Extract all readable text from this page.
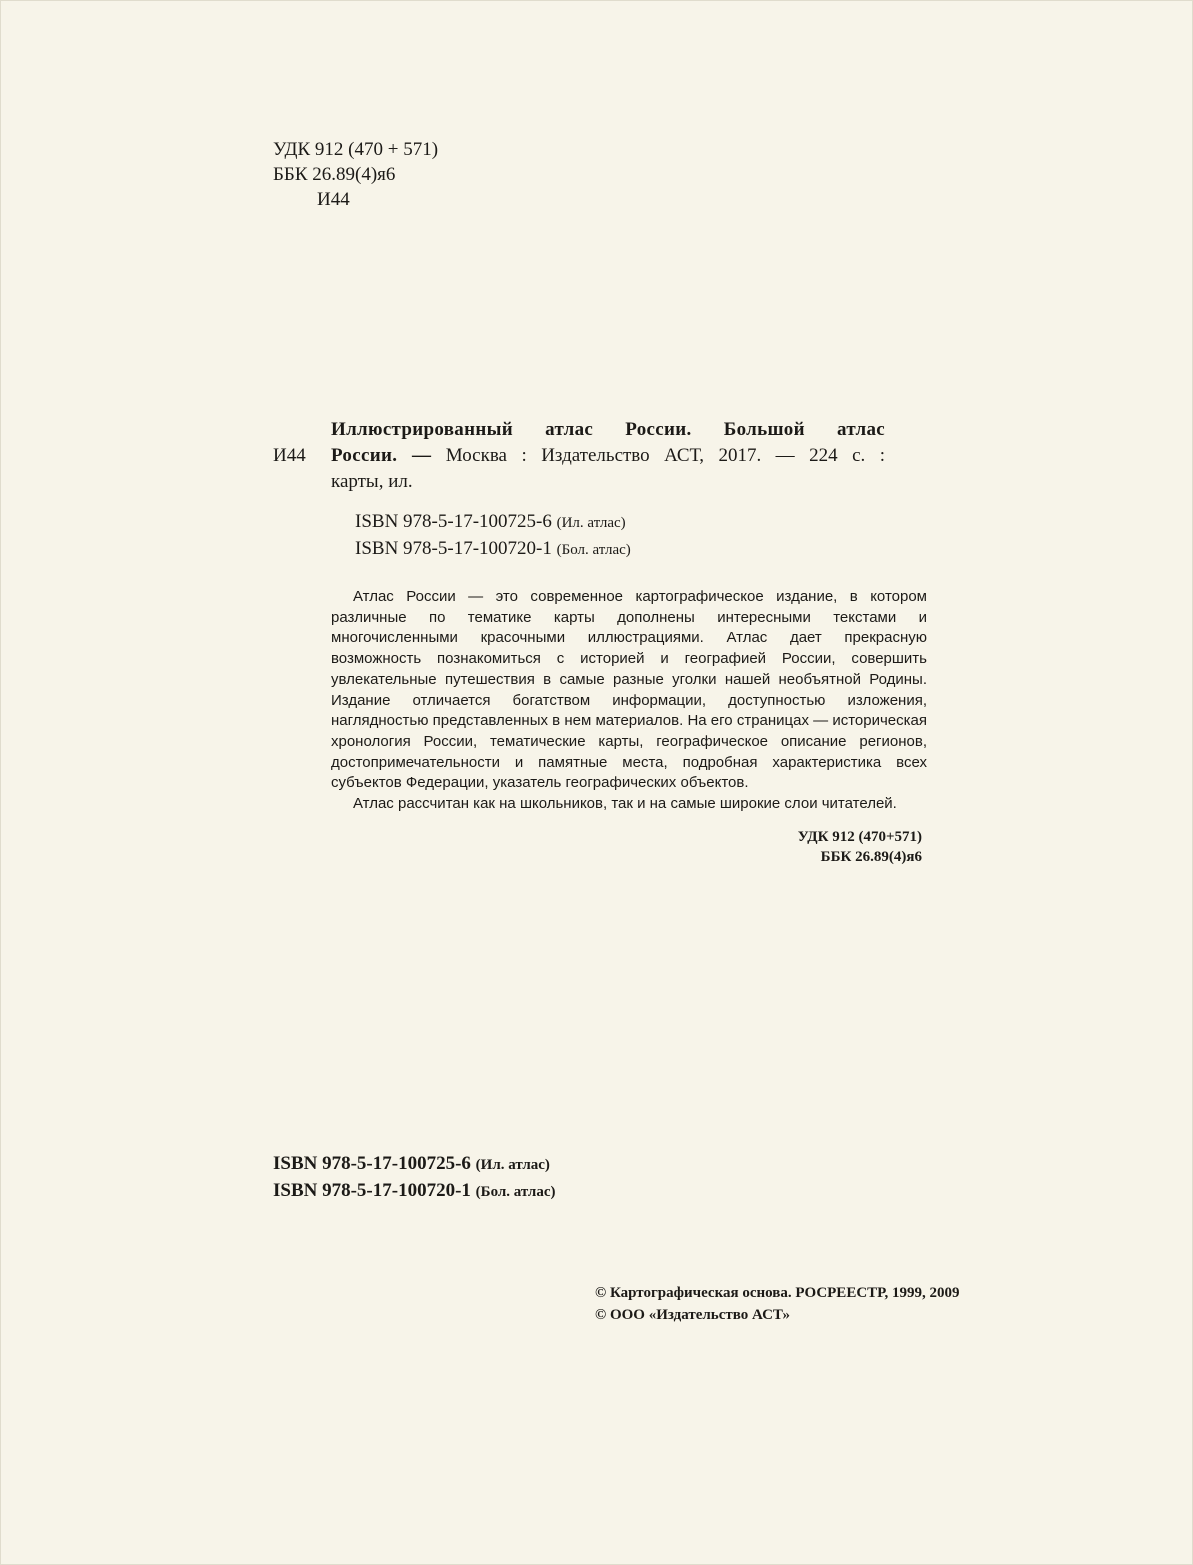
УДК 912 (470 + 571)
ББК 26.89(4)я6
И44
Иллюстрированный атлас России. Большой атлас
И44	России. — Москва : Издательство АСТ, 2017. — 224 с. :
карты, ил.
ISBN 978-5-17-100725-6 (Ил. атлас)
ISBN 978-5-17-100720-1 (Бол. атлас)

Атлас России — это современное картографическое издание, в котором различные по тематике карты дополнены интересными текстами и многочисленными красочными иллюстрациями. Атлас дает прекрасную возможность познакомиться с историей и географией России, совершить увлекательные путешествия в самые разные уголки нашей необъятной Родины. Издание отличается богатством информации, доступностью изложения, наглядностью представленных в нем материалов. На его страницах — историческая хронология России, тематические карты, географическое описание регионов, достопримечательности и памятные места, подробная характеристика всех субъектов Федерации, указатель географических объектов.

Атлас рассчитан как на школьников, так и на самые широкие слои читателей.

УДК 912 (470+571)
ББК 26.89(4)я6
ISBN 978-5-17-100725-6 (Ил. атлас)
ISBN 978-5-17-100720-1 (Бол. атлас)
© Картографическая основа. РОСРЕЕСТР, 1999, 2009
© ООО «Издательство АСТ»
